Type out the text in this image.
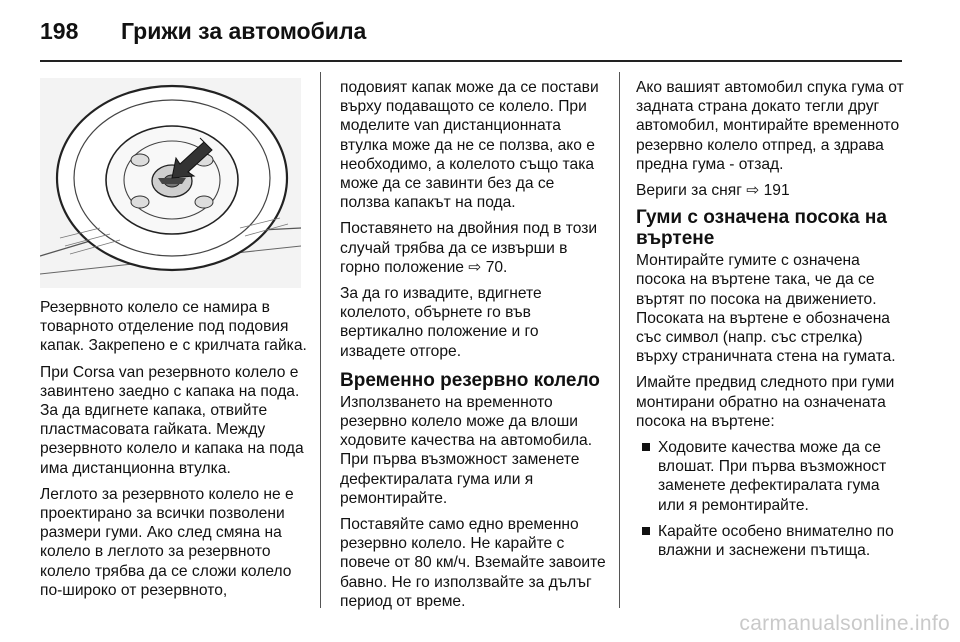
198	Грижи за автомобила

Резервното колело се намира в товарното отделение под подовия капак. Закрепено е с крилчата гайка.

При Corsa van резервното колело е завинтено заедно с капака на пода. За да вдигнете капака, отвийте пластмасовата гайката. Между резервното колело и капака на пода има дистанционна втулка.

Леглото за резервното колело не е проектирано за всички позволени размери гуми. Ако след смяна на колело в леглото за резервното колело трябва да се сложи колело по-широко от резервното,

подовият капак може да се постави върху подаващото се колело. При моделите van дистанционната втулка може да не се ползва, ако е необходимо, а колелото също така може да се завинти без да се ползва капакът на пода.

Поставянето на двойния под в този случай трябва да се извърши в горно положение ⇨ 70.

За да го извадите, вдигнете колелото, обърнете го във вертикално положение и го извадете отгоре.

Временно резервно колело

Използването на временното резервно колело може да влоши ходовите качества на автомобила. При първа възможност заменете дефектиралата гума или я ремонтирайте.

Поставяйте само едно временно резервно колело. Не карайте с повече от 80 км/ч. Вземайте завоите бавно. Не го използвайте за дълъг период от време.

Ако вашият автомобил спука гума от задната страна докато тегли друг автомобил, монтирайте временното резервно колело отпред, а здрава предна гума - отзад.

Вериги за сняг ⇨ 191

Гуми с означена посока на въртене

Монтирайте гумите с означена посока на въртене така, че да се въртят по посока на движението. Посоката на въртене е обозначена със символ (напр. със стрелка) върху страничната стена на гумата.

Имайте предвид следното при гуми монтирани обратно на означената посока на въртене:

Ходовите качества може да се влошат. При първа възможност заменете дефектиралата гума или я ремонтирайте.
Карайте особено внимателно по влажни и заснежени пътища.
carmanualsonline.info
